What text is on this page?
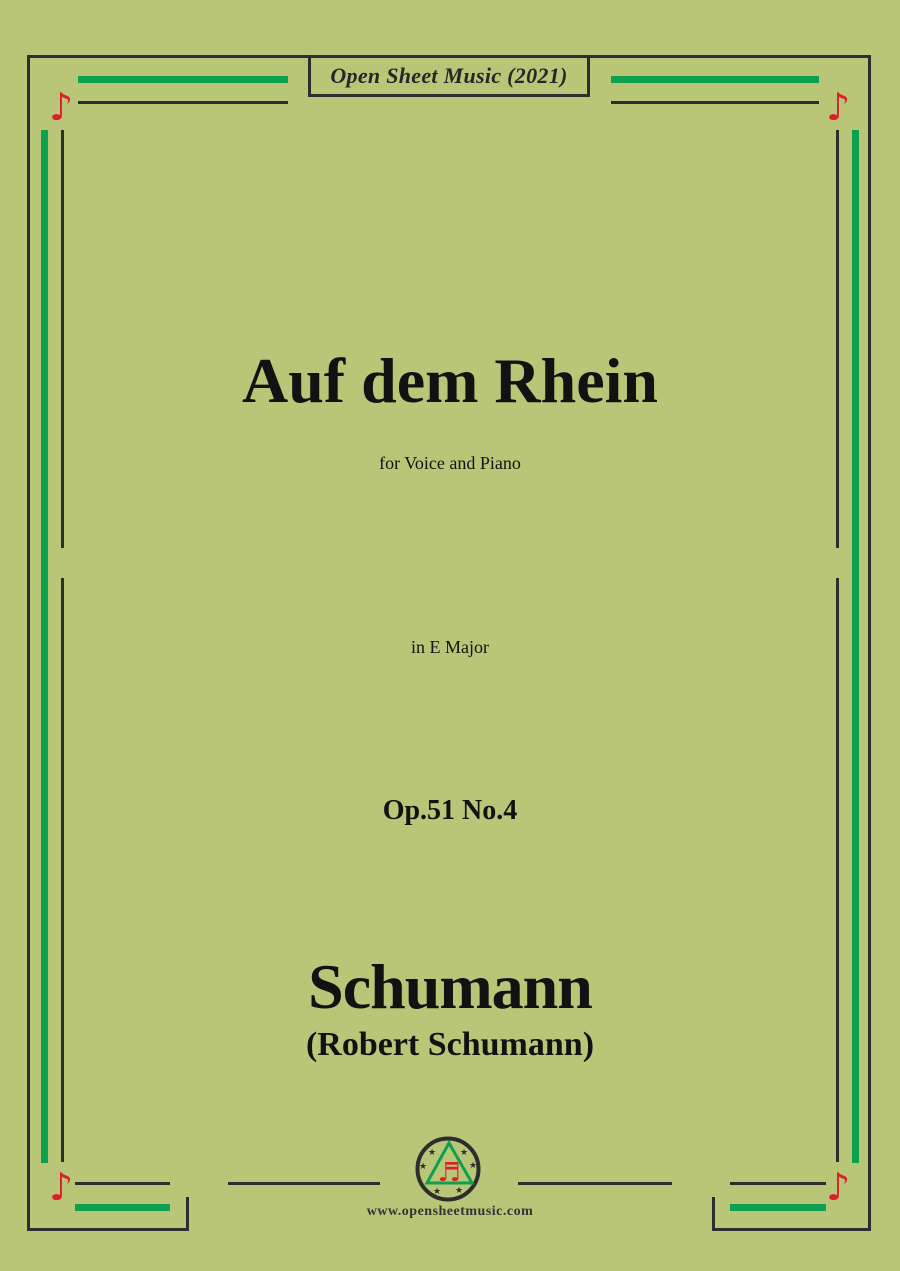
♪	♪
♪	♪
Open Sheet Music (2021)
Auf dem Rhein
for Voice and Piano
in E Major
Op.51 No.4
Schumann
(Robert Schumann)
★
★
★
★
★ ★
♬
www.opensheetmusic.com
